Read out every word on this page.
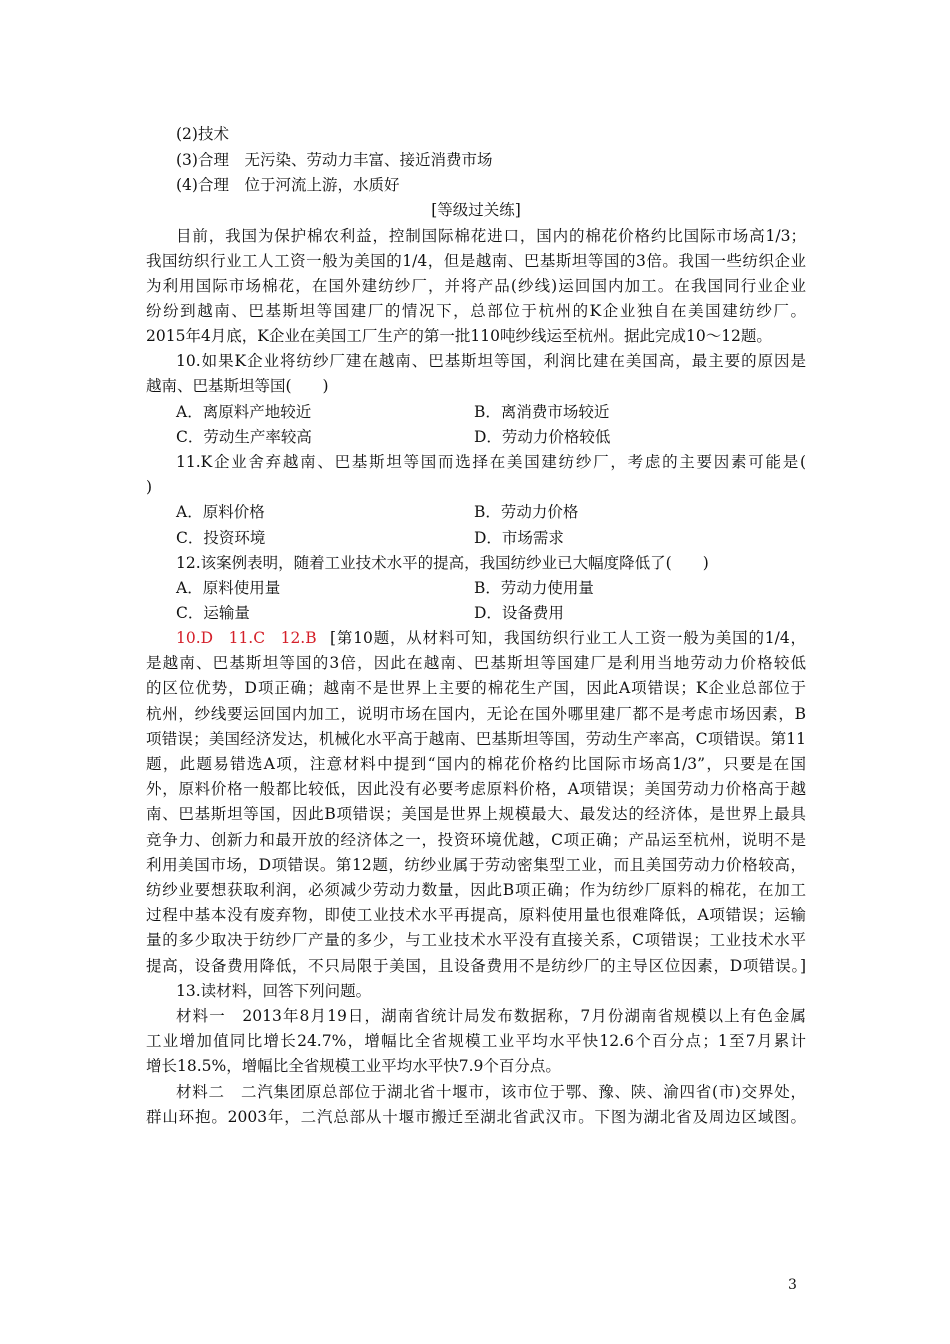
(2)技术
(3)合理　无污染、劳动力丰富、接近消费市场
(4)合理　位于河流上游，水质好
[等级过关练]
目前，我国为保护棉农利益，控制国际棉花进口，国内的棉花价格约比国际市场高1/3；
我国纺织行业工人工资一般为美国的1/4，但是越南、巴基斯坦等国的3倍。我国一些纺织企业
为利用国际市场棉花，在国外建纺纱厂，并将产品(纱线)运回国内加工。在我国同行业企业
纷纷到越南、巴基斯坦等国建厂的情况下，总部位于杭州的K企业独自在美国建纺纱厂。
2015年4月底，K企业在美国工厂生产的第一批110吨纱线运至杭州。据此完成10～12题。
10.如果K企业将纺纱厂建在越南、巴基斯坦等国，利润比建在美国高，最主要的原因是
越南、巴基斯坦等国(　　)
A．离原料产地较近	B．离消费市场较近
C．劳动生产率较高	D．劳动力价格较低
11.K企业舍弃越南、巴基斯坦等国而选择在美国建纺纱厂，考虑的主要因素可能是(
)
A．原料价格	B．劳动力价格
C．投资环境	D．市场需求
12.该案例表明，随着工业技术水平的提高，我国纺纱业已大幅度降低了(　　)
A．原料使用量	B．劳动力使用量
C．运输量	D．设备费用
10.D　11.C　12.B [第10题，从材料可知，我国纺织行业工人工资一般为美国的1/4，
是越南、巴基斯坦等国的3倍，因此在越南、巴基斯坦等国建厂是利用当地劳动力价格较低
的区位优势，D项正确；越南不是世界上主要的棉花生产国，因此A项错误；K企业总部位于
杭州，纱线要运回国内加工，说明市场在国内，无论在国外哪里建厂都不是考虑市场因素，B
项错误；美国经济发达，机械化水平高于越南、巴基斯坦等国，劳动生产率高，C项错误。第11
题，此题易错选A项，注意材料中提到“国内的棉花价格约比国际市场高1/3”，只要是在国
外，原料价格一般都比较低，因此没有必要考虑原料价格，A项错误；美国劳动力价格高于越
南、巴基斯坦等国，因此B项错误；美国是世界上规模最大、最发达的经济体，是世界上最具
竞争力、创新力和最开放的经济体之一，投资环境优越，C项正确；产品运至杭州，说明不是
利用美国市场，D项错误。第12题，纺纱业属于劳动密集型工业，而且美国劳动力价格较高，
纺纱业要想获取利润，必须减少劳动力数量，因此B项正确；作为纺纱厂原料的棉花，在加工
过程中基本没有废弃物，即使工业技术水平再提高，原料使用量也很难降低，A项错误；运输
量的多少取决于纺纱厂产量的多少，与工业技术水平没有直接关系，C项错误；工业技术水平
提高，设备费用降低，不只局限于美国，且设备费用不是纺纱厂的主导区位因素，D项错误。]
13.读材料，回答下列问题。
材料一　2013年8月19日，湖南省统计局发布数据称，7月份湖南省规模以上有色金属
工业增加值同比增长24.7%，增幅比全省规模工业平均水平快12.6个百分点；1至7月累计
增长18.5%，增幅比全省规模工业平均水平快7.9个百分点。
材料二　二汽集团原总部位于湖北省十堰市，该市位于鄂、豫、陕、渝四省(市)交界处，
群山环抱。2003年，二汽总部从十堰市搬迁至湖北省武汉市。下图为湖北省及周边区域图。
3
